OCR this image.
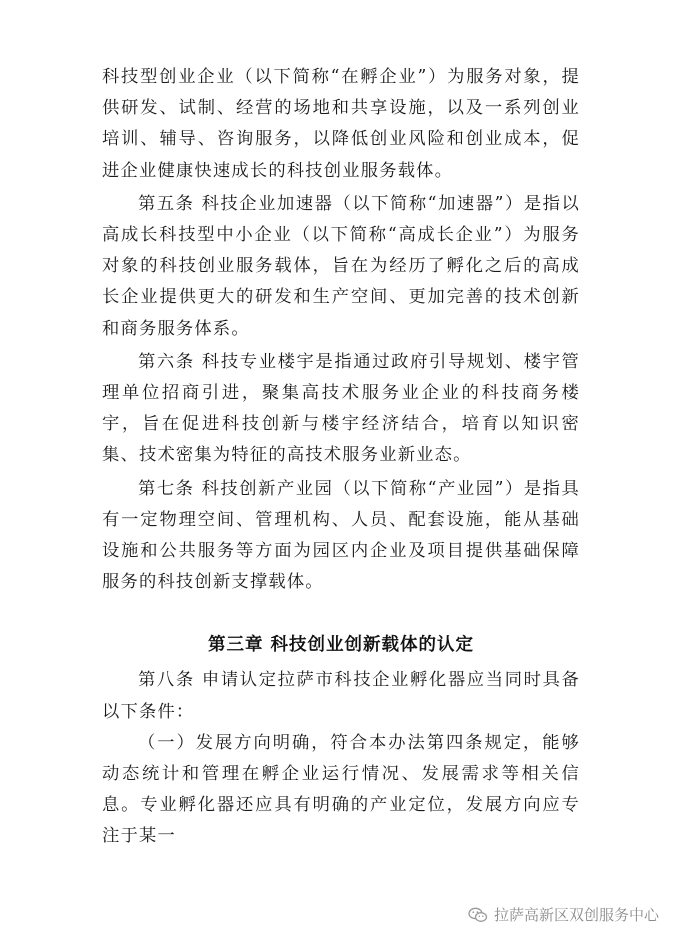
科技型创业企业（以下简称“在孵企业”）为服务对象，提供研发、试制、经营的场地和共享设施，以及一系列创业培训、辅导、咨询服务，以降低创业风险和创业成本，促进企业健康快速成长的科技创业服务载体。

第五条 科技企业加速器（以下简称“加速器”）是指以高成长科技型中小企业（以下简称“高成长企业”）为服务对象的科技创业服务载体，旨在为经历了孵化之后的高成长企业提供更大的研发和生产空间、更加完善的技术创新和商务服务体系。

第六条 科技专业楼宇是指通过政府引导规划、楼宇管理单位招商引进，聚集高技术服务业企业的科技商务楼宇，旨在促进科技创新与楼宇经济结合，培育以知识密集、技术密集为特征的高技术服务业新业态。

第七条 科技创新产业园（以下简称“产业园”）是指具有一定物理空间、管理机构、人员、配套设施，能从基础设施和公共服务等方面为园区内企业及项目提供基础保障服务的科技创新支撑载体。

第三章 科技创业创新载体的认定

第八条 申请认定拉萨市科技企业孵化器应当同时具备以下条件：

（一）发展方向明确，符合本办法第四条规定，能够动态统计和管理在孵企业运行情况、发展需求等相关信息。专业孵化器还应具有明确的产业定位，发展方向应专注于某一

拉萨高新区双创服务中心
